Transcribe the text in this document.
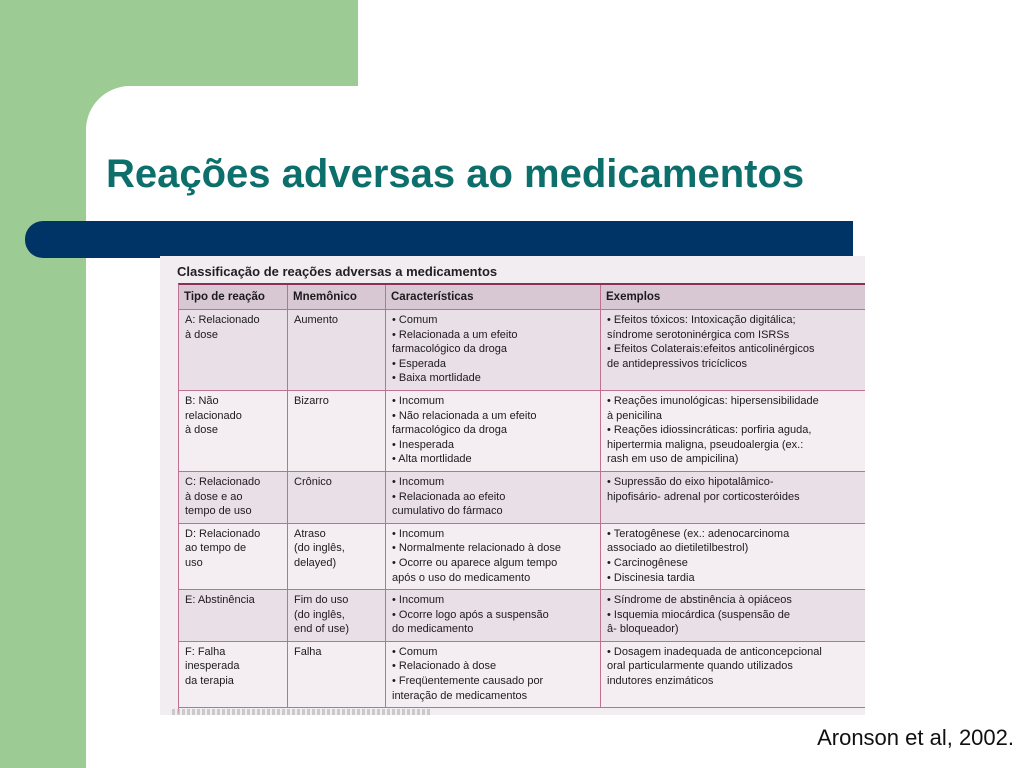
Reações adversas ao medicamentos
Classificação de reações adversas a medicamentos
Tipo de reação	Mnemônico	Características	Exemplos

A: Relacionado
à dose	Aumento	• Comum
• Relacionada a um efeito
farmacológico da droga
• Esperada
• Baixa mortlidade	• Efeitos tóxicos: Intoxicação digitálica;
síndrome serotoninérgica com ISRSs
• Efeitos Colaterais:efeitos anticolinérgicos
de antidepressivos tricíclicos

B: Não
relacionado
à dose	Bizarro	• Incomum
• Não relacionada a um efeito
farmacológico da droga
• Inesperada
• Alta mortlidade	• Reações imunológicas: hipersensibilidade
à penicilina
• Reações idiossincráticas: porfiria aguda,
hipertermia maligna, pseudoalergia (ex.:
rash em uso de ampicilina)

C: Relacionado
à dose e ao
tempo de uso	Crônico	• Incomum
• Relacionada ao efeito
cumulativo do fármaco	• Supressão do eixo hipotalâmico-
hipofisário- adrenal por corticosteróides

D: Relacionado
ao tempo de
uso	Atraso
(do inglês,
delayed)	• Incomum
• Normalmente relacionado à dose
• Ocorre ou aparece algum tempo
após o uso do medicamento	• Teratogênese (ex.: adenocarcinoma
associado ao dietiletilbestrol)
• Carcinogênese
• Discinesia tardia

E: Abstinência	Fim do uso
(do inglês,
end of use)	• Incomum
• Ocorre logo após a suspensão
do medicamento	• Síndrome de abstinência à opiáceos
• Isquemia miocárdica (suspensão de
â- bloqueador)

F: Falha
inesperada
da terapia	Falha	• Comum
• Relacionado à dose
• Freqüentemente causado por
interação de medicamentos	• Dosagem inadequada de anticoncepcional
oral particularmente quando utilizados
indutores enzimáticos
Aronson et al, 2002.
